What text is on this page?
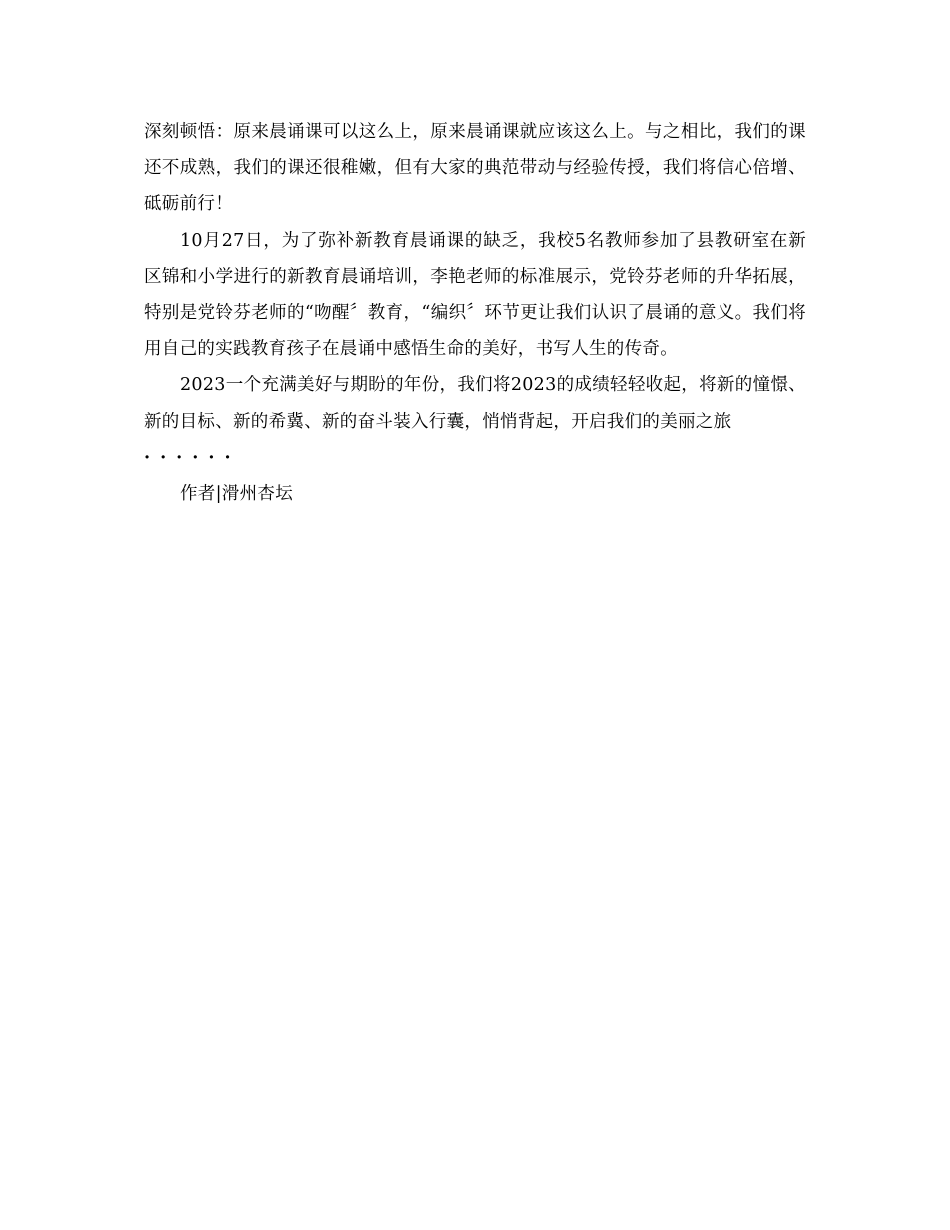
深刻顿悟：原来晨诵课可以这么上，原来晨诵课就应该这么上。与之相比，我们的课还不成熟，我们的课还很稚嫩，但有大家的典范带动与经验传授，我们将信心倍增、砥砺前行！

10月27日，为了弥补新教育晨诵课的缺乏，我校5名教师参加了县教研室在新区锦和小学进行的新教育晨诵培训，李艳老师的标准展示，党铃芬老师的升华拓展，特别是党铃芬老师的“吻醒〞教育，“编织〞环节更让我们认识了晨诵的意义。我们将用自己的实践教育孩子在晨诵中感悟生命的美好，书写人生的传奇。

2023一个充满美好与期盼的年份，我们将2023的成绩轻轻收起，将新的憧憬、新的目标、新的希冀、新的奋斗装入行囊，悄悄背起，开启我们的美丽之旅

······

作者|滑州杏坛
